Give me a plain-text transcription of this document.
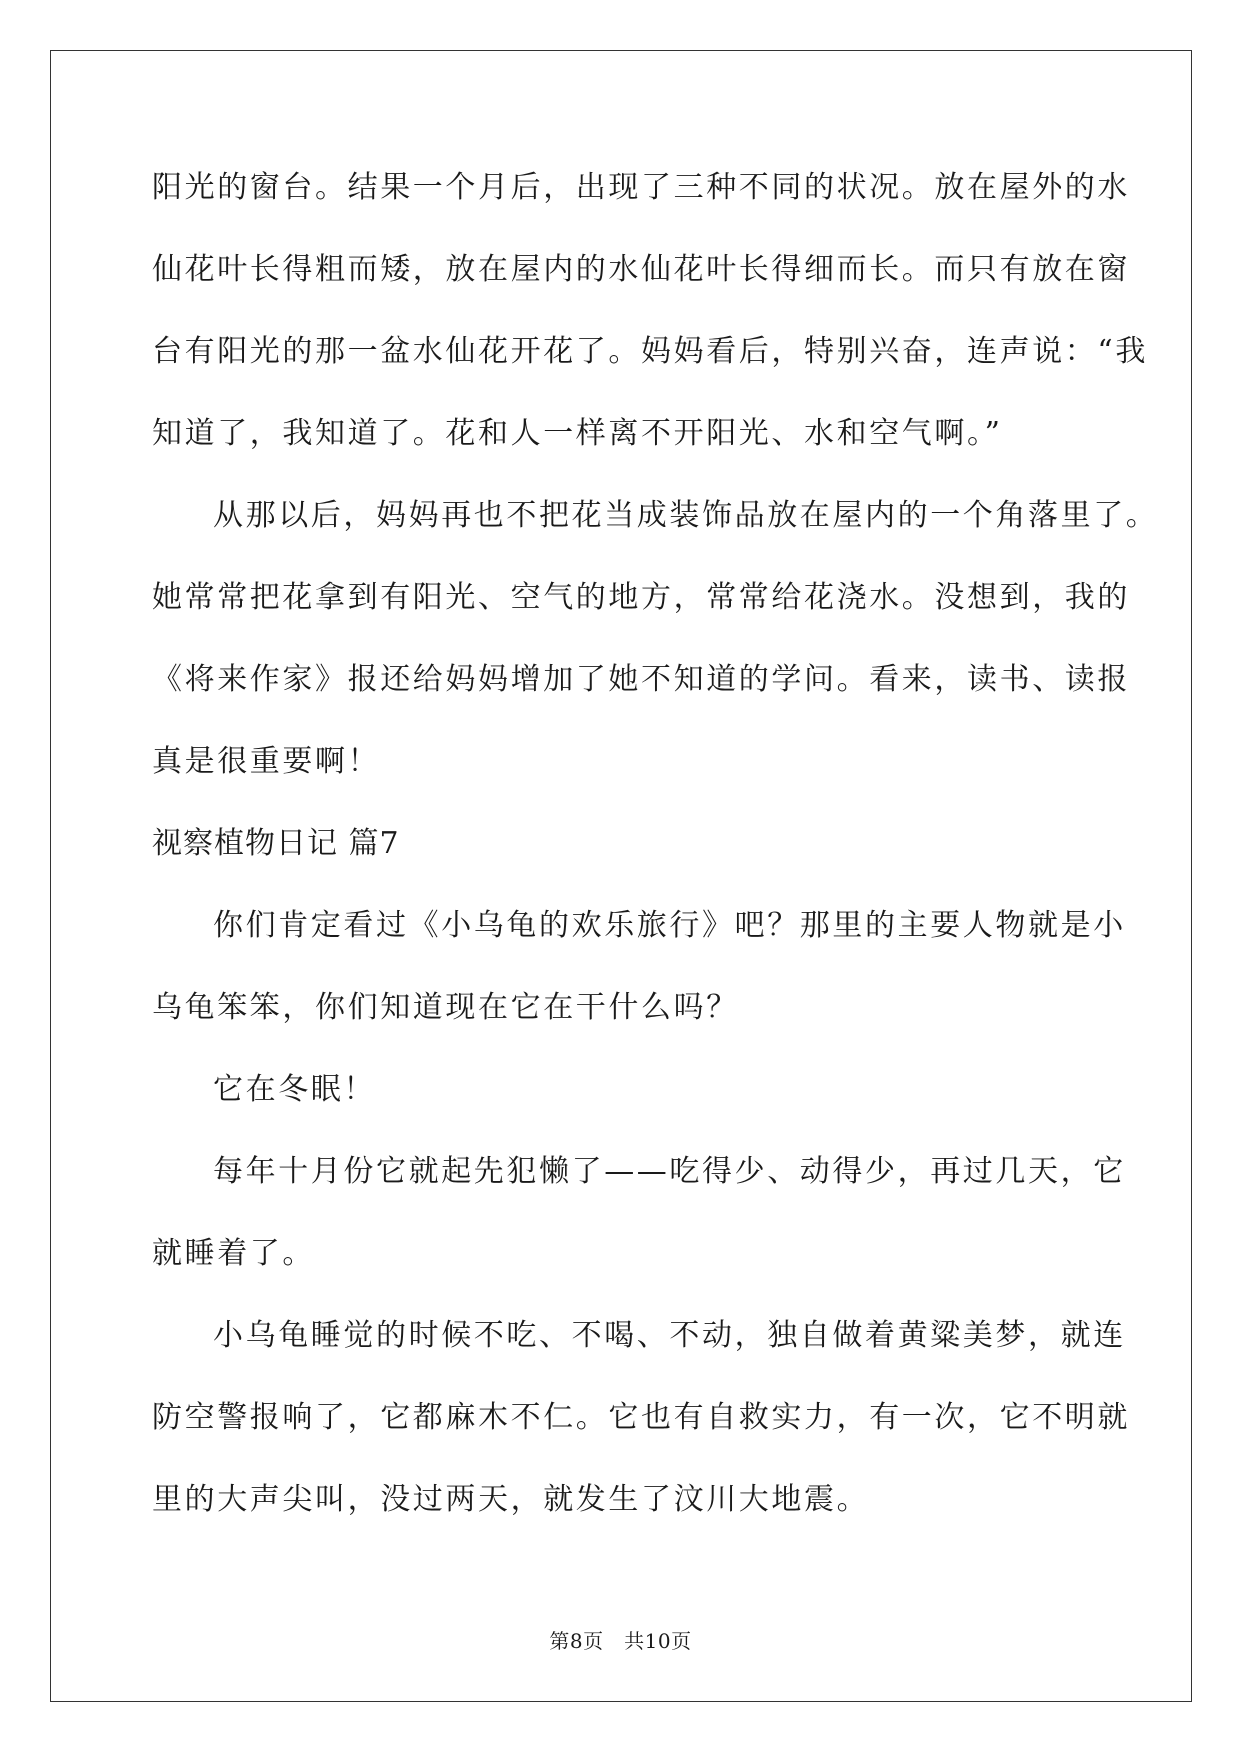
阳光的窗台。结果一个月后，出现了三种不同的状况。放在屋外的水
仙花叶长得粗而矮，放在屋内的水仙花叶长得细而长。而只有放在窗
台有阳光的那一盆水仙花开花了。妈妈看后，特别兴奋，连声说：“我
知道了，我知道了。花和人一样离不开阳光、水和空气啊。”
从那以后，妈妈再也不把花当成装饰品放在屋内的一个角落里了。
她常常把花拿到有阳光、空气的地方，常常给花浇水。没想到，我的
《将来作家》报还给妈妈增加了她不知道的学问。看来，读书、读报
真是很重要啊！
视察植物日记 篇7
你们肯定看过《小乌龟的欢乐旅行》吧？那里的主要人物就是小
乌龟笨笨，你们知道现在它在干什么吗？
它在冬眠！
每年十月份它就起先犯懒了——吃得少、动得少，再过几天，它
就睡着了。
小乌龟睡觉的时候不吃、不喝、不动，独自做着黄粱美梦，就连
防空警报响了，它都麻木不仁。它也有自救实力，有一次，它不明就
里的大声尖叫，没过两天，就发生了汶川大地震。
第8页　共10页
